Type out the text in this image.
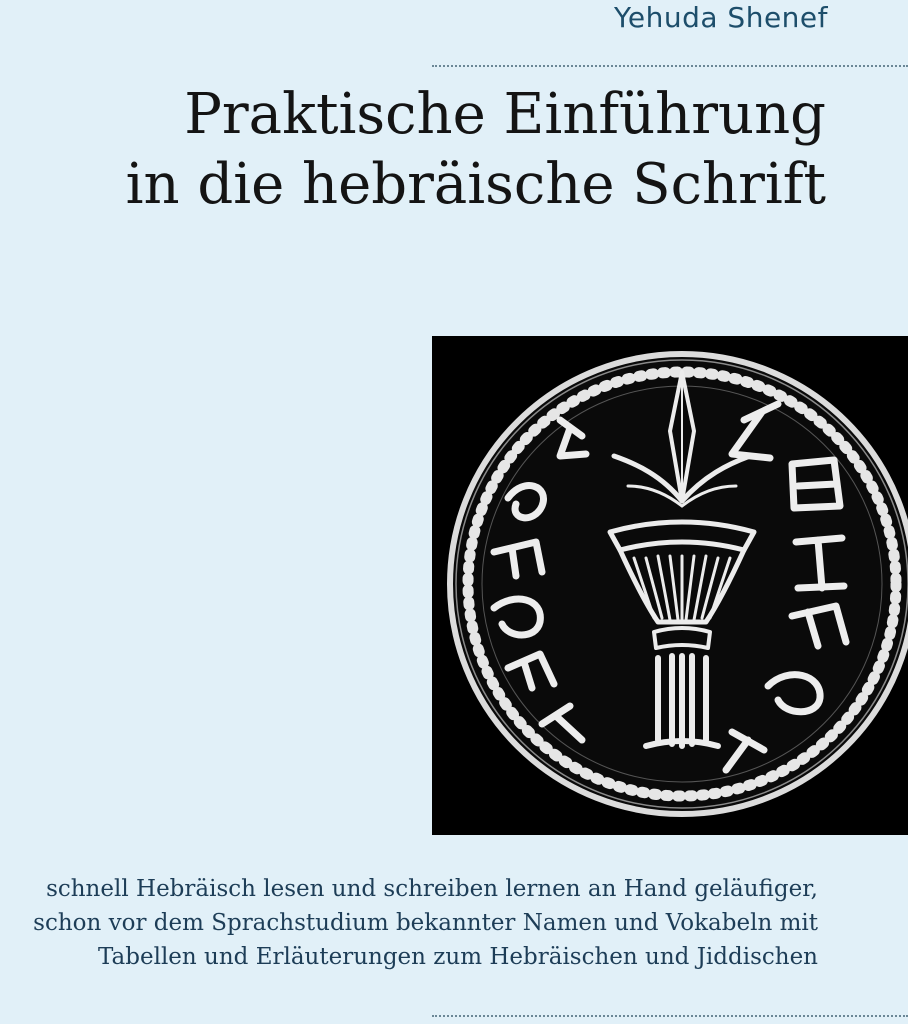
Yehuda Shenef
Praktische Einführung
in die hebräische Schrift
schnell Hebräisch lesen und schreiben lernen an Hand geläufiger,
schon vor dem Sprachstudium bekannter Namen und Vokabeln mit
Tabellen und Erläuterungen zum Hebräischen und Jiddischen
